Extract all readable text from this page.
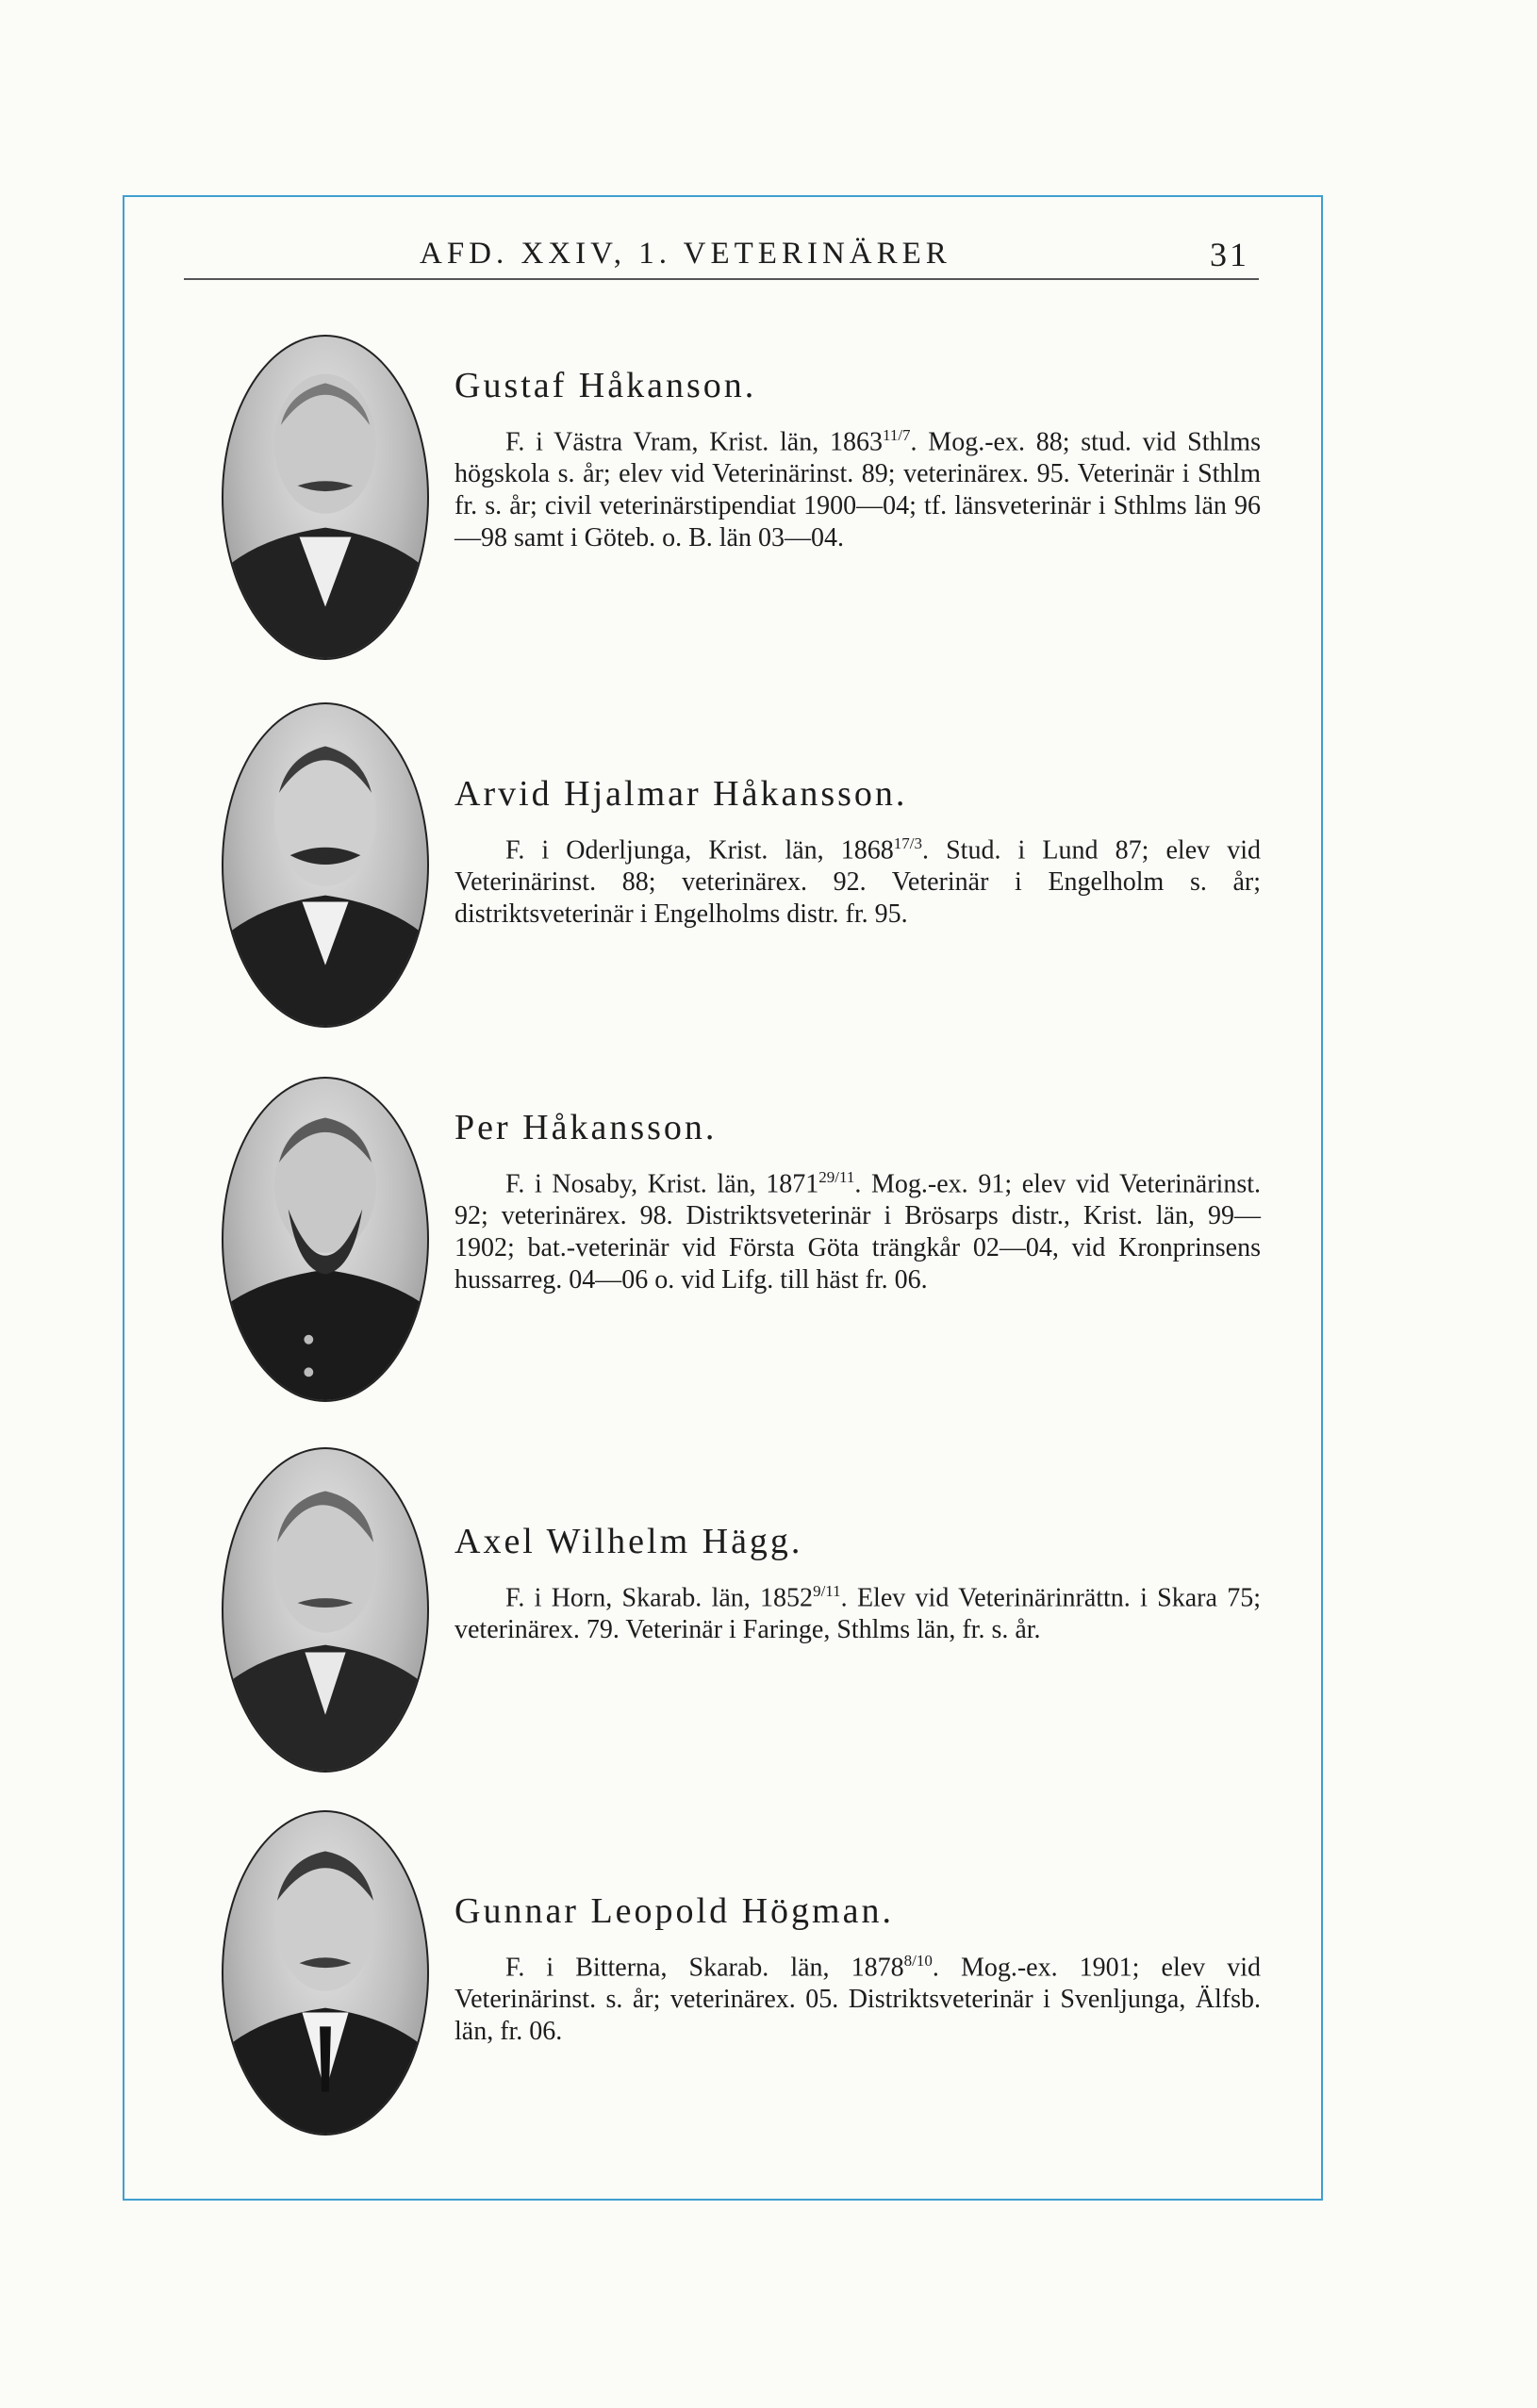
AFD. XXIV, 1. VETERINÄRER	31
Gustaf Håkanson.

F. i Västra Vram, Krist. län, $1863^{11/7}$. Mog.-ex. 88; stud. vid Sthlms högskola s. år; elev vid Veterinärinst. 89; veterinärex. 95. Veterinär i Sthlm fr. s. år; civil veterinärstipendiat 1900—04; tf. länsveterinär i Sthlms län 96—98 samt i Göteb. o. B. län 03—04.

Arvid Hjalmar Håkansson.

F. i Oderljunga, Krist. län, $1868^{17/3}$. Stud. i Lund 87; elev vid Veterinärinst. 88; veterinärex. 92. Veterinär i Engelholm s. år; distriktsveterinär i Engelholms distr. fr. 95.

Per Håkansson.

F. i Nosaby, Krist. län, $1871^{29/11}$. Mog.-ex. 91; elev vid Veterinärinst. 92; veterinärex. 98. Distriktsveterinär i Brösarps distr., Krist. län, 99—1902; bat.-veterinär vid Första Göta trängkår 02—04, vid Kronprinsens hussarreg. 04—06 o. vid Lifg. till häst fr. 06.

Axel Wilhelm Hägg.

F. i Horn, Skarab. län, $1852^{9/11}$. Elev vid Veterinärinrättn. i Skara 75; veterinärex. 79. Veterinär i Faringe, Sthlms län, fr. s. år.

Gunnar Leopold Högman.

F. i Bitterna, Skarab. län, $1878^{8/10}$. Mog.-ex. 1901; elev vid Veterinärinst. s. år; veterinärex. 05. Distriktsveterinär i Svenljunga, Älfsb. län, fr. 06.
